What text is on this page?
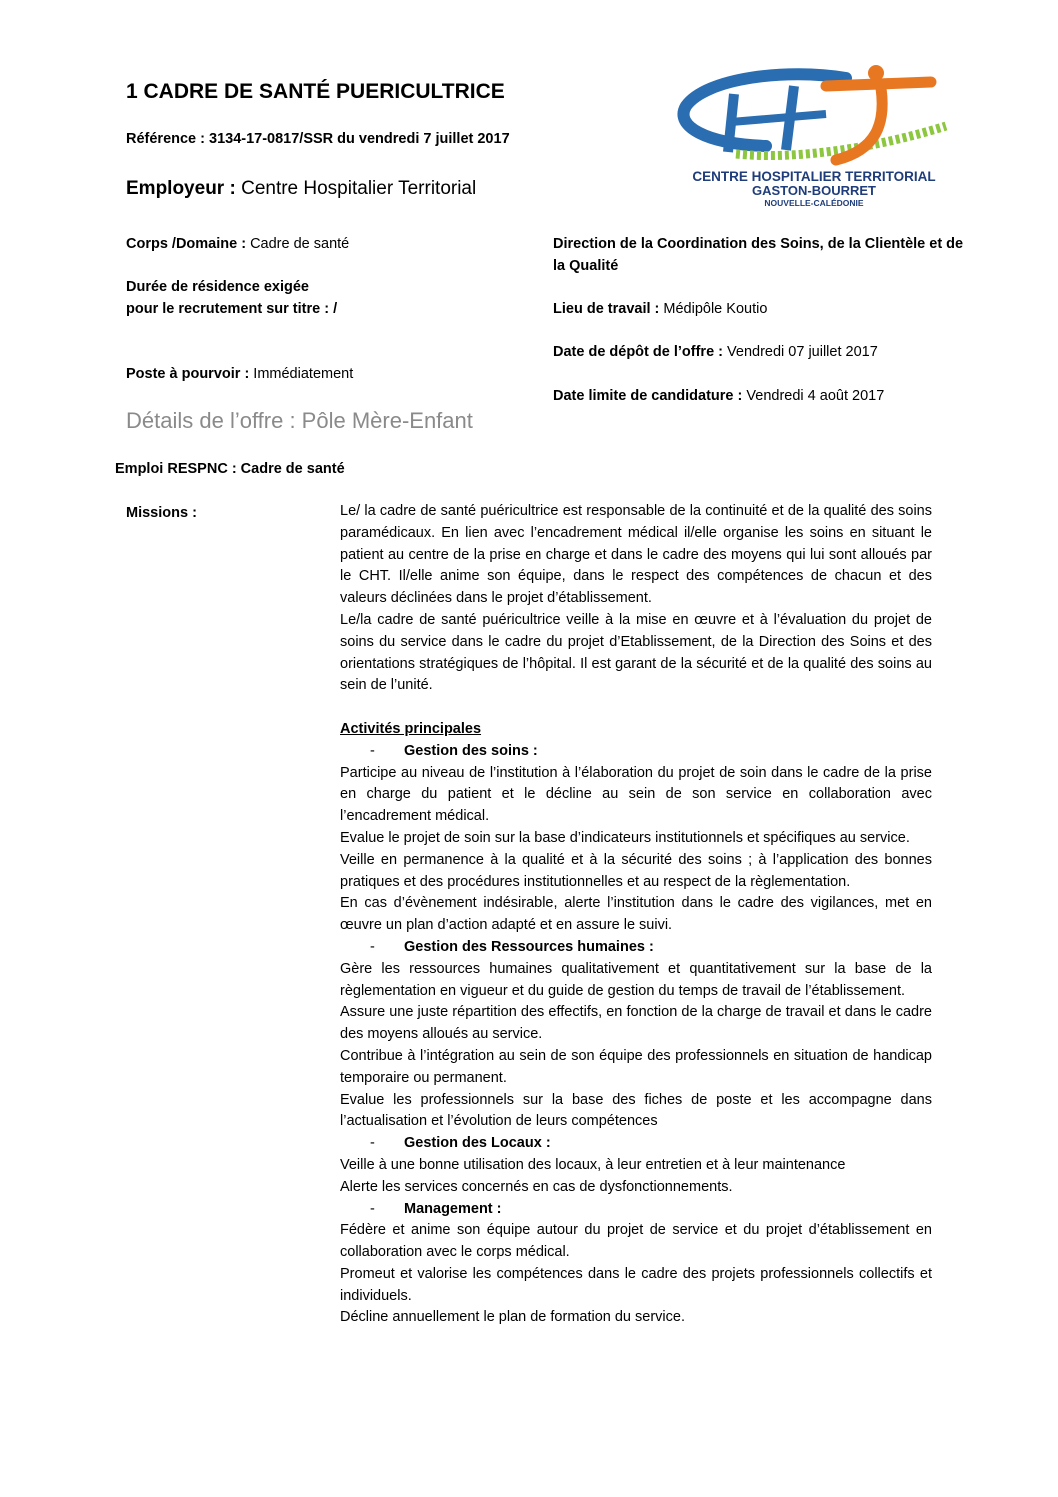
1 CADRE DE SANTÉ PUERICULTRICE
Référence : 3134-17-0817/SSR du vendredi 7 juillet 2017
Employeur : Centre Hospitalier Territorial
CENTRE HOSPITALIER TERRITORIAL
GASTON-BOURRET
NOUVELLE-CALÉDONIE
Corps /Domaine : Cadre de santé
Durée de résidence exigée
pour le recrutement sur titre : /
Poste à pourvoir : Immédiatement
Direction de la Coordination des Soins, de la Clientèle et de
la Qualité
Lieu de travail : Médipôle Koutio
Date de dépôt de l’offre : Vendredi 07 juillet 2017
Date limite de candidature : Vendredi 4 août 2017
Détails de l’offre : Pôle Mère-Enfant
Emploi RESPNC : Cadre de santé
Missions :	Le/ la cadre de santé puéricultrice est responsable de la continuité et de la qualité des soins paramédicaux. En lien avec l’encadrement médical il/elle organise les soins en situant le patient au centre de la prise en charge et dans le cadre des moyens qui lui sont alloués par le CHT. Il/elle anime son équipe, dans le respect des compétences de chacun et des valeurs déclinées dans le projet d’établissement.

Le/la cadre de santé puéricultrice veille à la mise en œuvre et à l’évaluation du projet de soins du service dans le cadre du projet d’Etablissement, de la Direction des Soins et des orientations stratégiques de l’hôpital. Il est garant de la sécurité et de la qualité des soins au sein de l’unité.

Activités principales

- Gestion des soins :

Participe au niveau de l’institution à l’élaboration du projet de soin dans le cadre de la prise en charge du patient et le décline au sein de son service en collaboration avec l’encadrement médical.

Evalue le projet de soin sur la base d’indicateurs institutionnels et spécifiques au service.

Veille en permanence à la qualité et à la sécurité des soins ; à l’application des bonnes pratiques et des procédures institutionnelles et au respect de la règlementation.

En cas d’évènement indésirable, alerte l’institution dans le cadre des vigilances, met en œuvre un plan d’action adapté et en assure le suivi.

- Gestion des Ressources humaines :

Gère les ressources humaines qualitativement et quantitativement sur la base de la règlementation en vigueur et du guide de gestion du temps de travail de l’établissement.

Assure une juste répartition des effectifs, en fonction de la charge de travail et dans le cadre des moyens alloués au service.

Contribue à l’intégration au sein de son équipe des professionnels en situation de handicap temporaire ou permanent.

Evalue les professionnels sur la base des fiches de poste et les accompagne dans l’actualisation et l’évolution de leurs compétences

- Gestion des Locaux :

Veille à une bonne utilisation des locaux, à leur entretien et à leur maintenance

Alerte les services concernés en cas de dysfonctionnements.

- Management :

Fédère et anime son équipe autour du projet de service et du projet d’établissement en collaboration avec le corps médical.

Promeut et valorise les compétences dans le cadre des projets professionnels collectifs et individuels.

Décline annuellement le plan de formation du service.
